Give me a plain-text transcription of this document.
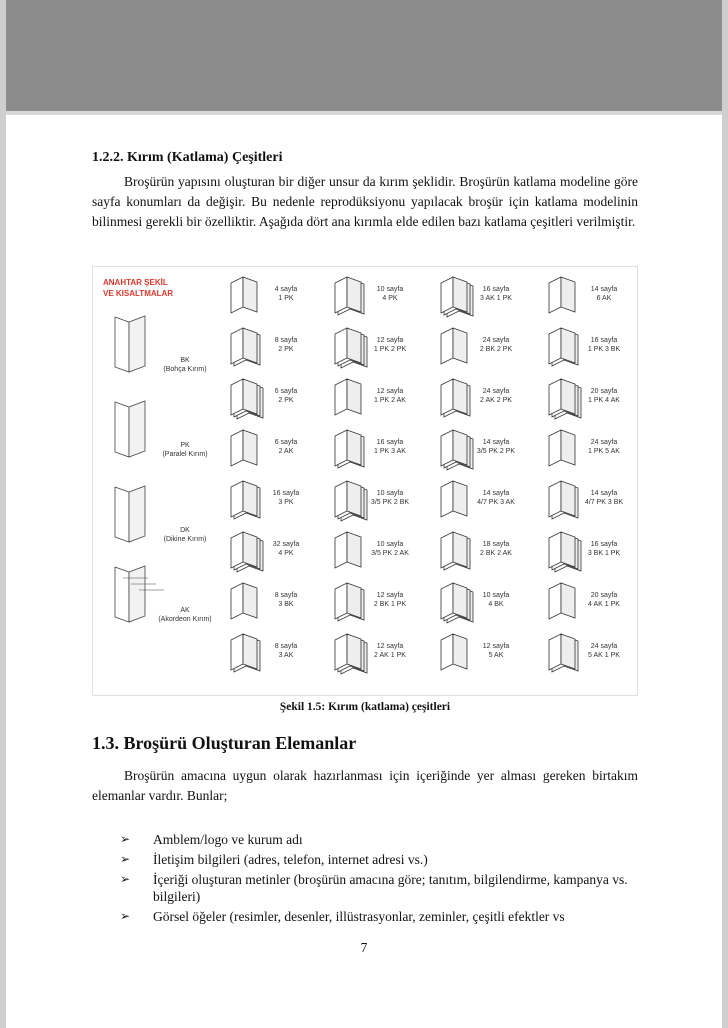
1.2.2. Kırım (Katlama) Çeşitleri

Broşürün yapısını oluşturan bir diğer unsur da kırım şeklidir. Broşürün katlama modeline göre sayfa konumları da değişir. Bu nedenle reprodüksiyonu yapılacak broşür için katlama modelinin bilinmesi gerekli bir özelliktir. Aşağıda dört ana kırımla elde edilen bazı katlama çeşitleri verilmiştir.

ANAHTAR ŞEKİL
VE KISALTMALAR
BK
(Bohça Kırım)
PK
(Paralel Kırım)
DK
(Dikine Kırım)
AK
(Akordeon Kırım)
4 sayfa
1 PK
8 sayfa
2 PK
6 sayfa
2 PK
6 sayfa
2 AK
16 sayfa
3 PK
32 sayfa
4 PK
8 sayfa
3 BK
8 sayfa
3 AK
10 sayfa
4 PK
12 sayfa
1 PK 2 PK
12 sayfa
1 PK 2 AK
16 sayfa
1 PK 3 AK
10 sayfa
3/5 PK 2 BK
10 sayfa
3/5 PK 2 AK
12 sayfa
2 BK 1 PK
12 sayfa
2 AK 1 PK
16 sayfa
3 AK 1 PK
24 sayfa
2 BK 2 PK
24 sayfa
2 AK 2 PK
14 sayfa
3/5 PK 2 PK
14 sayfa
4/7 PK 3 AK
18 sayfa
2 BK 2 AK
10 sayfa
4 BK
12 sayfa
5 AK
14 sayfa
6 AK
16 sayfa
1 PK 3 BK
20 sayfa
1 PK 4 AK
24 sayfa
1 PK 5 AK
14 sayfa
4/7 PK 3 BK
16 sayfa
3 BK 1 PK
20 sayfa
4 AK 1 PK
24 sayfa
5 AK 1 PK
Şekil 1.5: Kırım (katlama) çeşitleri
1.3. Broşürü Oluşturan Elemanlar

Broşürün amacına uygun olarak hazırlanması için içeriğinde yer alması gereken birtakım elemanlar vardır. Bunlar;

➢ Amblem/logo ve kurum adı
➢ İletişim bilgileri (adres, telefon, internet adresi vs.)
➢ İçeriği oluşturan metinler (broşürün amacına göre; tanıtım, bilgilendirme, kampanya vs. bilgileri)
➢ Görsel öğeler (resimler, desenler, illüstrasyonlar, zeminler, çeşitli efektler vs
7
